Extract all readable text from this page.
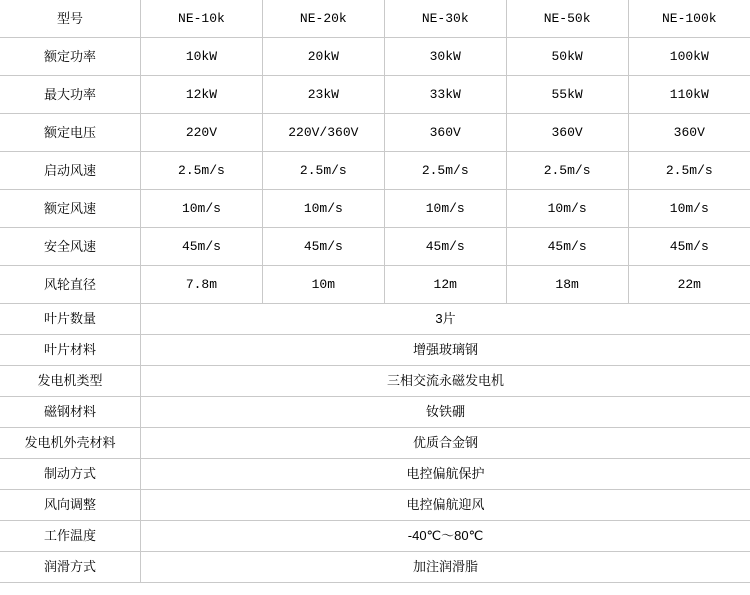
型号	NE-10k	NE-20k	NE-30k	NE-50k	NE-100k
额定功率	10kW	20kW	30kW	50kW	100kW
最大功率	12kW	23kW	33kW	55kW	110kW
额定电压	220V	220V/360V	360V	360V	360V
启动风速	2.5m/s	2.5m/s	2.5m/s	2.5m/s	2.5m/s
额定风速	10m/s	10m/s	10m/s	10m/s	10m/s
安全风速	45m/s	45m/s	45m/s	45m/s	45m/s
风轮直径	7.8m	10m	12m	18m	22m
叶片数量	3片				
叶片材料	增强玻璃钢				
发电机类型	三相交流永磁发电机				
磁钢材料	钕铁硼				
发电机外壳材料	优质合金钢				
制动方式	电控偏航保护				
风向调整	电控偏航迎风				
工作温度	-40℃～80℃				
润滑方式	加注润滑脂				
